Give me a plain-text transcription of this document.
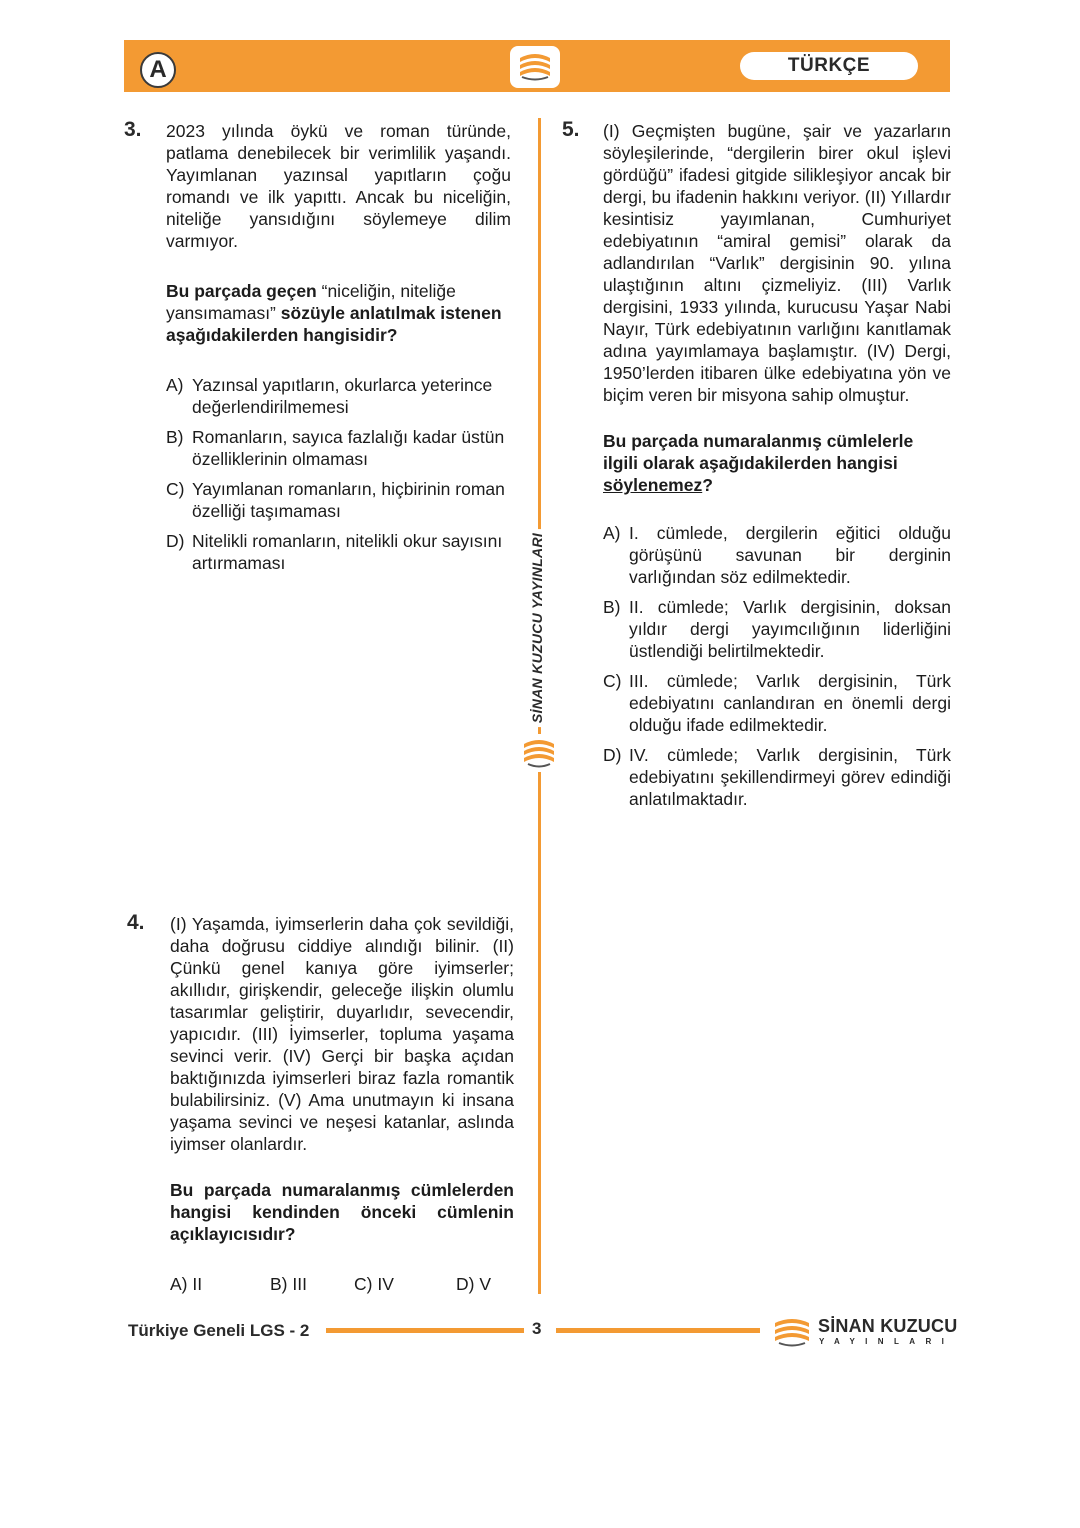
A	TÜRKÇE
SİNAN KUZUCU YAYINLARI
3. 2023 yılında öykü ve roman türünde, patlama denebilecek bir verimlilik yaşandı. Yayımlanan yazınsal yapıtların çoğu romandı ve ilk yapıttı. Ancak bu niceliğin, niteliğe yansıdığını söylemeye dilim varmıyor.

Bu parçada geçen “niceliğin, niteliğe yansımaması” sözüyle anlatılmak istenen aşağıdakilerden hangisidir?

A) Yazınsal yapıtların, okurlarca yeterince değerlendirilmemesi
B) Romanların, sayıca fazlalığı kadar üstün özelliklerinin olmaması
C) Yayımlanan romanların, hiçbirinin roman özelliği taşımaması
D) Nitelikli romanların, nitelikli okur sayısını artırmaması
4. (I) Yaşamda, iyimserlerin daha çok sevildiği, daha doğrusu ciddiye alındığı bilinir. (II) Çünkü genel kanıya göre iyimserler; akıllıdır, girişkendir, geleceğe ilişkin olumlu tasarımlar geliştirir, duyarlıdır, sevecendir, yapıcıdır. (III) İyimserler, topluma yaşama sevinci verir. (IV) Gerçi bir başka açıdan baktığınızda iyimserleri biraz fazla romantik bulabilirsiniz. (V) Ama unutmayın ki insana yaşama sevinci ve neşesi katanlar, aslında iyimser olanlardır.

Bu parçada numaralanmış cümlelerden hangisi kendinden önceki cümlenin açıklayıcısıdır?

A) II	B) III	C) IV	D) V
5. (I) Geçmişten bugüne, şair ve yazarların söyleşilerinde, “dergilerin birer okul işlevi gördüğü” ifadesi gitgide silikleşiyor ancak bir dergi, bu ifadenin hakkını veriyor. (II) Yıllardır kesintisiz yayımlanan, Cumhuriyet edebiyatının “amiral gemisi” olarak da adlandırılan “Varlık” dergisinin 90. yılına ulaştığının altını çizmeliyiz. (III) Varlık dergisini, 1933 yılında, kurucusu Yaşar Nabi Nayır, Türk edebiyatının varlığını kanıtlamak adına yayımlamaya başlamıştır. (IV) Dergi, 1950’lerden itibaren ülke edebiyatına yön ve biçim veren bir misyona sahip olmuştur.

Bu parçada numaralanmış cümlelerle ilgili olarak aşağıdakilerden hangisi söylenemez?

A) I. cümlede, dergilerin eğitici olduğu görüşünü savunan bir derginin varlığından söz edilmektedir.
B) II. cümlede; Varlık dergisinin, doksan yıldır dergi yayımcılığının liderliğini üstlendiği belirtilmektedir.
C) III. cümlede; Varlık dergisinin, Türk edebiyatını canlandıran en önemli dergi olduğu ifade edilmektedir.
D) IV. cümlede; Varlık dergisinin, Türk edebiyatını şekillendirmeyi görev edindiği anlatılmaktadır.
Türkiye Geneli LGS - 2	3	SİNAN KUZUCU
YAYINLARI
